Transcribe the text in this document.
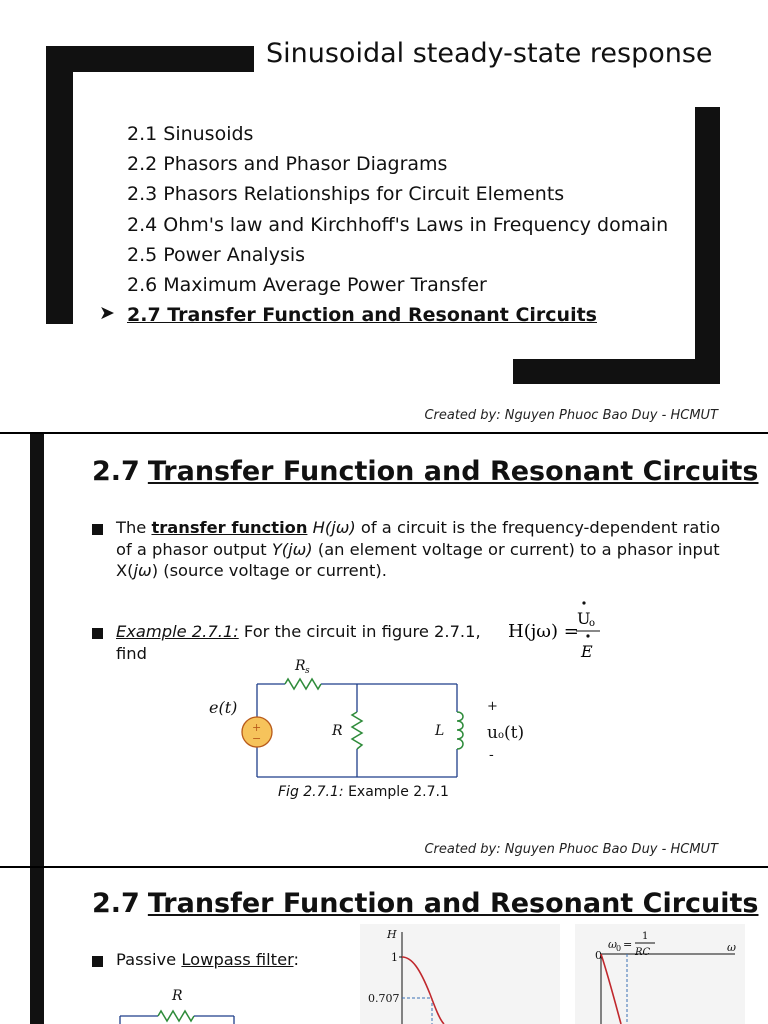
Sinusoidal steady-state response
2.1 Sinusoids
2.2 Phasors and Phasor Diagrams
2.3 Phasors Relationships for Circuit Elements
2.4 Ohm's law and Kirchhoff's Laws in Frequency domain
2.5 Power Analysis
2.6 Maximum Average Power Transfer
2.7 Transfer Function and Resonant Circuits
➤
Created by: Nguyen Phuoc Bao Duy - HCMUT
2.7 Transfer Function and Resonant Circuits
The transfer function H(jω) of a circuit is the frequency-dependent ratio of a phasor output Y(jω) (an element voltage or current) to a phasor input X(jω) (source voltage or current).
Example 2.7.1: For the circuit in figure 2.7.1, find
H(jω) =
U
o
E
+
−
e(t)
R s
R	L
+
u o (t)
-
Fig 2.7.1: Example 2.7.1
Created by: Nguyen Phuoc Bao Duy - HCMUT
2.7 Transfer Function and Resonant Circuits
Passive Lowpass filter:
R
H
1
0.707
0
ω 0 =
1
RC	ω
